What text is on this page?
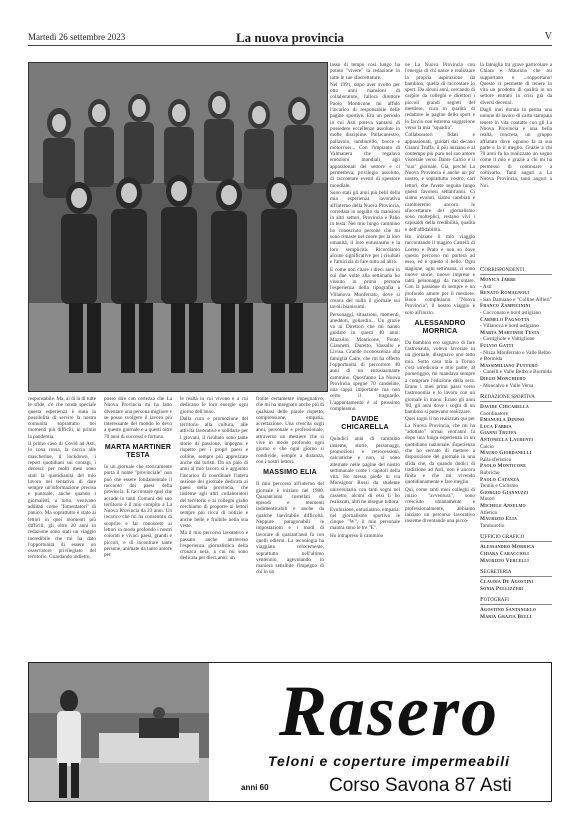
Martedì 26 settembre 2023	La nuova provincia	V

responsabile. Ma, al di là di tutte le sfide, c'è che rende speciale questa esperienza è stata la possibilità di servire la nostra comunità soprattutto nei momenti più difficili, in primis la pandemia.

Il primo caso di Covid ad Asti, lo zona rossa, la caccia alle mascherine, il lockdown, i report quotidiani sui contagi, i decessi: per molti mesi sono stati la quotidianità del mio lavoro nel tentativo di dare sempre un'informazione precisa e puntuale, anche quando i giornalisti, a torto, venivano additati come "fomentatori" di panico. Ma soprattutto è stato ai lettori in quei momenti più difficili, gli oltre 20 anni in redazione sono stati un viaggio incredibile che mi ha dato l'opportunità di essere un osservatore privilegiato del territorio. Guardando indietro,

posso dire con certezza che La Nuova Provincia mi ha fatto diventare una persona migliore e se posso svolgere il lavoro più interessante del mondo lo devo a questo giornale e a questi oltre 70 anni di successi e fortuna.

MARTA MARTINER TESTA

Io un giornale che storicamente porta il nome "provinciale" non può che essere fondamentale il racconto dei paesi della provincia. E raccontare quel che accade in tanti Comuni del suo territorio è il mio compito a La Nuova Provincia da 23 anni. Un incarico che mi ha consentito di scoprire e far conoscere ai lettori in modo profondo i nostri colorati e vivaci paesi, grandi e piccoli, e di incontrare tante persone, animate da tanto amore per

le realtà in cui vivono e a cui dedicano le loro energie ogni giorno dell'anno.

Dalla cura e promozione del territorio alla cultura, alle attività lavorative e solidarie per i giovani, il risultato sono tante storie di passione, impegno e rispetto per i propri paesi e colline, sempre più apprezzate anche dai turisti. Da un paio di anni al mio lavoro si è aggiunto l'incarico di coordinare l'intera sezione del giornale dedicata ai paesi della provincia, che insieme agli altri collaboratori del territorio e ai colleghi giallo cerchiamo di proporre ai lettori sempre più ricca di notizie e anche belle e fruibile nella sua veste.

Ma il mio percorso lavorativo è passato anche attraverso l'esperienza giornalistica della cronaca nera, a cui mi sono dedicata per dieci anni: un

fronte certamente impegnativo, che mi ha insegnato anche più di qualsiasi delle parole rispetto, comprensione, empatia, accettazione. Una crescita sugli anni, personale e professionale, attraverso un mestiere che si vive in modo profondo ogni giorno e che ogni giorno si condivide, sempre a distanza, con i nostri lettori.

MASSIMO ELIA

Il mio percorso all'interno del giornale è iniziato nel 1980. Quarant'anni costellati da episodi e momenti indimenticabili e anche da qualche inevitabile difficoltà. Neppure paragonabili le impostazioni e i modi di lavorare di quarant'anni fa con quelli odierni. La tecnologia ha viaggiato velocemente, soprattutto nell'ultimo ventennio, agevolando in maniera sensibile l'impegno di chi in un

lasso di tempo così lungo ha potuto "vivere" la redazione in tutte le sue sfaccettature.

Nel 1991, dopo aver svolto per otto anni mansioni di collaboratore, l'allora direttore Paolo Monticone mi affidò l'incarico di responsabile delle pagine sportive. Era un periodo in cui Asti poteva vantarsi di possedere eccellenze assolute in molte discipline. Pallacanestro, pallavolo, tamburello, bocce e motocross... Con l'impianto di Valmanera che regalava emozioni mondiali agli appassionati del settore e ci permetteva, privilegio assoluto, di raccontare eventi di spessore mondiale.

Sono stati gli anni più belli della mia esperienza lavorativa all'interno della Nuova Provincia, corredata in seguito da mansioni in altri settori, Provincia e Palio in testa. Nel mio lungo cammino ho conosciuto persone che mi sono rimaste nel cuore per la loro umanità, il loro entusiasmo e la loro semplicità. Ricordiamo alcune significative per i risultati e l'amicizia di fare tutto ad altro.

E come non citare i dieci anni in cui due volte alla settimana ho vissuto in prima persona l'esperienza della tipografia a Villanova Monferrato, dove si creava del nulla il giornale sui tavoli bianissimi.

Personaggi, situazioni, momenti, aneddoti, goliardia... Un grazie va ai Direttori che mi hanno guidato in questi 40 anni: Mazzilio, Monticone, Fonte, Giannetti, Duretto, Vassallo e Livisa. Grande riconoscenza alla famiglia Caire, che mi ha offerto l'opportunità di percorrere 40 anni di un entusiasmante cammino. Quest'anno La Nuova Provincia spegne 70 candeline, una tappa importante ma non certo il traguardo. L'appuntamento è al prossimo compleanno.

DAVIDE CHICARELLA

Quindici anni di cammino insieme, storie, personaggi, promozioni e retrocessioni, calciatiche e non, si sono alternate nelle pagine del nostro settimanale come i capitoli della vita. Ho messo piede in via Monsignor Rossi da studente universitario con tanti sogni nel cassetto, alcuni di essi li ho realizzati, altri ne insegue tuttora.

Evoluzione, entusiasmo, empatia: nel giornalismo sportivo le cinque "W", il mio personale mantra sono le tre "E".

Ho intrapreso il cammino

ne La Nuova Provincia con l'energia di chi nasce e realizzare la propria aspirazione da bambino, quella di raccontare lo sport. Da alcuni anni, cercando di carpire da colleghi e direttori i piccoli grandi segreti del mestiere, cura in qualità di redattore le pagine dello sport e lo faccio con estrema soggezione verso la mia "squadra".

Collaboratori fidati e appassionati, guidati dal decano Gianni Truffa, il più anziano e al contempo più puro nel suo amore viscerale verso Dante Calcio e il "suo" giornale. Già, perché La Nuova Provincia è anche un po' nostro, e soprattutto vostro, cari lettori, che l'avete seguita lungo questi favolosi settant'anni. Ci siamo evoluti, siamo cambiati e cambieremo ancora le sfaccettature del giornalismo sono molteplici, restano vivi i capisaldi della credibilità, qualità e dell'affidabilità.

Ho iniziato il mio viaggio raccontando il magico Castelli di Loreto e Prato e non so dove questo percorso mi porterà ad esso, ed è questo il bello. Ogni stagione, ogni settimana, ci sono nuove storie, nuove imprese e tanti personaggi da raccontare. Con la passione di sempre e un profondo amore per il mestiere. Buon compleanno "Nuova Provincia", il nostro viaggio è solo all'inizio.

ALESSANDRO MORRICA

Da bambino ero sognavo di fare l'astronauta, volevo lavorare in un giornale, disegnavo uno tutto mio. Sotto casa mia a Torino c'era un'edicola e mio padre, al pomeriggio, mi mandava sempre a comprare l'edizione della sera. Erano i miei primi passi verso l'astronomia e lo lavoro con un giornale in mano. Erano gli anni '80, gli anni dove i sogni di un bambino si potevano realizzare.

Quei sogni li ho realizzati qui per La Nuova Provincia, che mi ha "adottato" ormai vent'anni fa dopo una lunga esperienza in un quotidiano nazionale. Esperienza che ho cercato di mettere a disposizione del giornale in una sfida che, da quando dodici di tradizione ad Asti, non è ancora finita e che mi vivendo quotidianamente e fare meglio.

Qui, come tanti miei colleghi di inizio "avventura", sono cresciuto umanamente e professionalmente, abbiamo iniziato un percorso lavorativo insieme diventando una picco-

la famiglia tra grave particolare a Chiara e Maurizio che mi supportano e ...sopportano! Questo ci permette di tenere in vita un prodotto di qualità in un settore entrato in crisi già da diversi decenni.

Dagli inni durata la penna una unione di lavoro di carta stampata tenere in vita contatto con gli La Nuova Provincia è una bella realtà, concreta, un gruppo affiatato dove ognuno fa la sua parte e fa il meglio. Grazie a chi 70 anni fa ha realizzato un sogno come il mio e grazie a chi mi ha permesso di continuare a coltivarlo. Tanti auguri a La Nuova Provincia, tanti auguri a Noi.

Corrispondenti
Monica Jarre
- Asti
Renato Romagnoli
- San Damiano e "Colline Alfieri"
Franco Zampicinini
- Cocconato e nord astigiano
Carmelo Pagnotta
- Villanova e nord astigiano
Marta Martiner Testa
- Costigliole e Valtiglione
Fulvio Gatti
- Nizza Monferrato e Valle Belbo e Bormida
Massimiliano Puttero
- Canelli e Valle Belbo e Bormida
Diego Monchiero
- Moncalvo e Valle Versa
Redazione sportiva
Davide Chicarella
Coordinatore
Emanuela Dinino
Luca Fabria
Gianni Truffa
Antonella Laurenti
Calcio
Mauro Giordanelli
Palla sferistico
Paolo Monticone
Rubriche
Paolo Catanzà
Tennis e Ciclismo
Giorgio Giannuzzi
Motori
Michele Anselmo
Atletica
Maurizio Elia
Tamburello
Ufficio grafico
Alessandro Morrica
Chiara Caraccioli
Maurizio Vercelli
Segreteria
Claudia De Agostini
Sonia Pellizzeri
Fotografi
Agostino Santangelo
Maria Grazia Belli
Rasero
Teloni e coperture impermeabili
anni 60	Corso Savona 87 Asti
